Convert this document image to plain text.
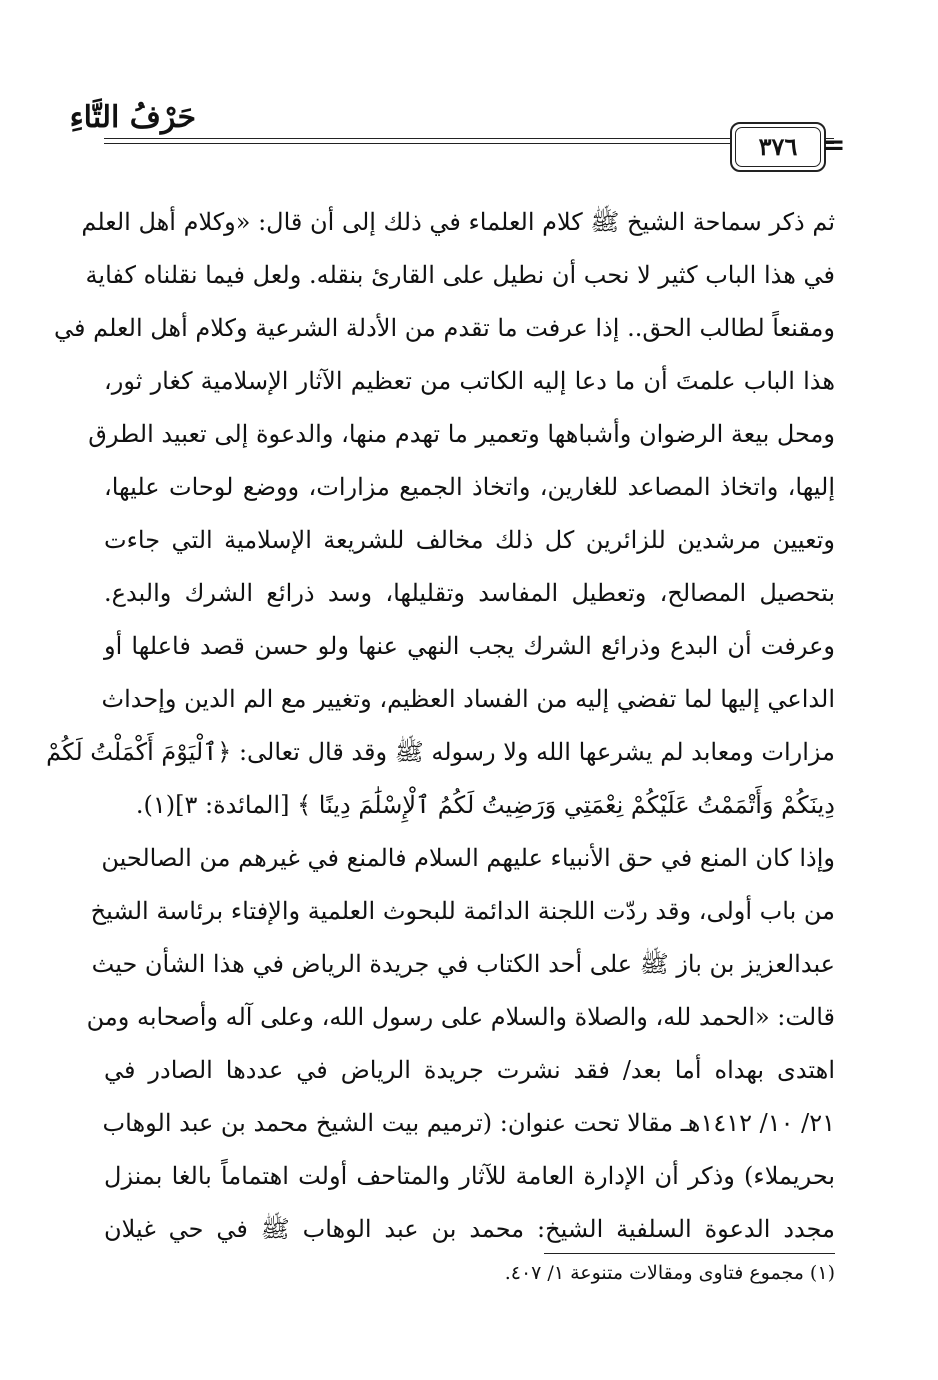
حَرْفُ التَّاءِ
٣٧٦ =
ثم ذكر سماحة الشيخ ﷺ كلام العلماء في ذلك إلى أن قال: «وكلام أهل العلم
في هذا الباب كثير لا نحب أن نطيل على القارئ بنقله. ولعل فيما نقلناه كفاية
ومقنعاً لطالب الحق.. إذا عرفت ما تقدم من الأدلة الشرعية وكلام أهل العلم في
هذا الباب علمتَ أن ما دعا إليه الكاتب من تعظيم الآثار الإسلامية كغار ثور،
ومحل بيعة الرضوان وأشباهها وتعمير ما تهدم منها، والدعوة إلى تعبيد الطرق
إليها، واتخاذ المصاعد للغارين، واتخاذ الجميع مزارات، ووضع لوحات عليها،
وتعيين مرشدين للزائرين كل ذلك مخالف للشريعة الإسلامية التي جاءت
بتحصيل المصالح، وتعطيل المفاسد وتقليلها، وسد ذرائع الشرك والبدع.
وعرفت أن البدع وذرائع الشرك يجب النهي عنها ولو حسن قصد فاعلها أو
الداعي إليها لما تفضي إليه من الفساد العظيم، وتغيير مع الم الدين وإحداث
مزارات ومعابد لم يشرعها الله ولا رسوله ﷺ وقد قال تعالى: ﴿ٱلْيَوْمَ أَكْمَلْتُ لَكُمْ
دِينَكُمْ وَأَتْمَمْتُ عَلَيْكُمْ نِعْمَتِي وَرَضِيتُ لَكُمُ ٱلْإِسْلَٰمَ دِينًا ﴾ [المائدة: ٣](١).
وإذا كان المنع في حق الأنبياء عليهم السلام فالمنع في غيرهم من الصالحين
من باب أولى، وقد ردّت اللجنة الدائمة للبحوث العلمية والإفتاء برئاسة الشيخ
عبدالعزيز بن باز ﷺ على أحد الكتاب في جريدة الرياض في هذا الشأن حيث
قالت: «الحمد لله، والصلاة والسلام على رسول الله، وعلى آله وأصحابه ومن
اهتدى بهداه أما بعد/ فقد نشرت جريدة الرياض في عددها الصادر في
٢١/ ١٠/ ١٤١٢هـ مقالا تحت عنوان: (ترميم بيت الشيخ محمد بن عبد الوهاب
بحريملاء) وذكر أن الإدارة العامة للآثار والمتاحف أولت اهتماماً بالغا بمنزل
مجدد الدعوة السلفية الشيخ: محمد بن عبد الوهاب ﷺ في حي غيلان
(١) مجموع فتاوى ومقالات متنوعة ١/ ٤٠٧.
